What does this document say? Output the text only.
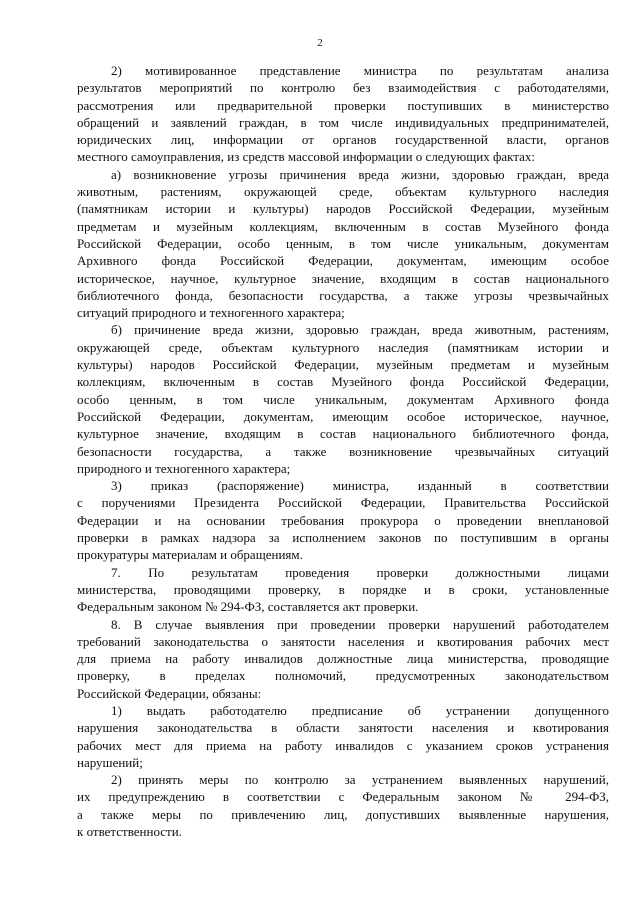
2
2) мотивированное представление министра по результатам анализа
результатов мероприятий по контролю без взаимодействия с работодателями,
рассмотрения или предварительной проверки поступивших в министерство
обращений и заявлений граждан, в том числе индивидуальных предпринимателей,
юридических лиц, информации от органов государственной власти, органов
местного самоуправления, из средств массовой информации о следующих фактах:
а) возникновение угрозы причинения вреда жизни, здоровью граждан, вреда
животным, растениям, окружающей среде, объектам культурного наследия
(памятникам истории и культуры) народов Российской Федерации, музейным
предметам и музейным коллекциям, включенным в состав Музейного фонда
Российской Федерации, особо ценным, в том числе уникальным, документам
Архивного фонда Российской Федерации, документам, имеющим особое
историческое, научное, культурное значение, входящим в состав национального
библиотечного фонда, безопасности государства, а также угрозы чрезвычайных
ситуаций природного и техногенного характера;
б) причинение вреда жизни, здоровью граждан, вреда животным, растениям,
окружающей среде, объектам культурного наследия (памятникам истории и
культуры) народов Российской Федерации, музейным предметам и музейным
коллекциям, включенным в состав Музейного фонда Российской Федерации,
особо ценным, в том числе уникальным, документам Архивного фонда
Российской Федерации, документам, имеющим особое историческое, научное,
культурное значение, входящим в состав национального библиотечного фонда,
безопасности государства, а также возникновение чрезвычайных ситуаций
природного и техногенного характера;
3) приказ (распоряжение) министра, изданный в соответствии
с поручениями Президента Российской Федерации, Правительства Российской
Федерации и на основании требования прокурора о проведении внеплановой
проверки в рамках надзора за исполнением законов по поступившим в органы
прокуратуры материалам и обращениям.
7. По результатам проведения проверки должностными лицами
министерства, проводящими проверку, в порядке и в сроки, установленные
Федеральным законом № 294-ФЗ, составляется акт проверки.
8. В случае выявления при проведении проверки нарушений работодателем
требований законодательства о занятости населения и квотирования рабочих мест
для приема на работу инвалидов должностные лица министерства, проводящие
проверку, в пределах полномочий, предусмотренных законодательством
Российской Федерации, обязаны:
1) выдать работодателю предписание об устранении допущенного
нарушения законодательства в области занятости населения и квотирования
рабочих мест для приема на работу инвалидов с указанием сроков устранения
нарушений;
2) принять меры по контролю за устранением выявленных нарушений,
их предупреждению в соответствии с Федеральным законом № 294-ФЗ,
а также меры по привлечению лиц, допустивших выявленные нарушения,
к ответственности.
